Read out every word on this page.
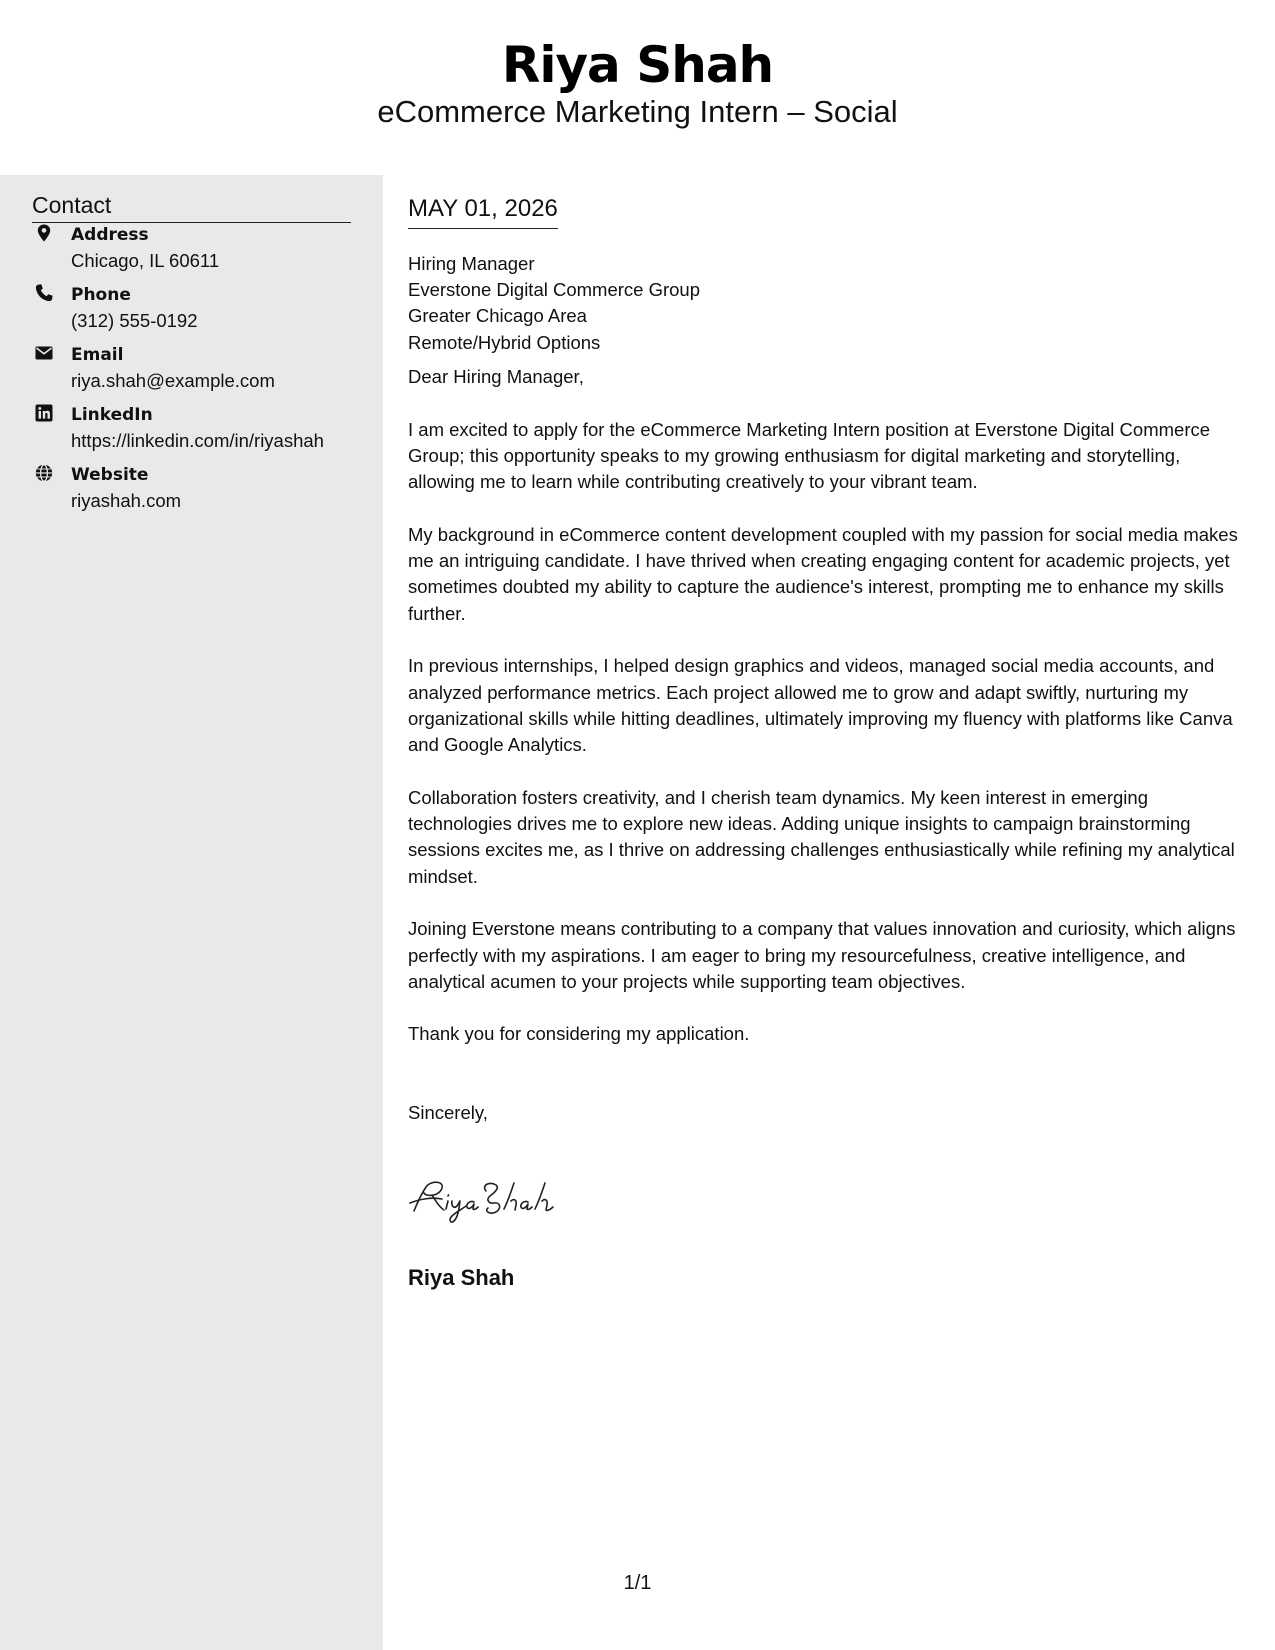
Riya Shah
eCommerce Marketing Intern – Social
Contact
Address
Chicago, IL 60611
Phone
(312) 555-0192
Email
riya.shah@example.com
LinkedIn
https://linkedin.com/in/riyashah
Website
riyashah.com
MAY 01, 2026
Hiring Manager
Everstone Digital Commerce Group
Greater Chicago Area
Remote/Hybrid Options

Dear Hiring Manager,

I am excited to apply for the eCommerce Marketing Intern position at Everstone Digital Commerce Group; this opportunity speaks to my growing enthusiasm for digital marketing and storytelling, allowing me to learn while contributing creatively to your vibrant team.

My background in eCommerce content development coupled with my passion for social media makes me an intriguing candidate. I have thrived when creating engaging content for academic projects, yet sometimes doubted my ability to capture the audience's interest, prompting me to enhance my skills further.

In previous internships, I helped design graphics and videos, managed social media accounts, and analyzed performance metrics. Each project allowed me to grow and adapt swiftly, nurturing my organizational skills while hitting deadlines, ultimately improving my fluency with platforms like Canva and Google Analytics.

Collaboration fosters creativity, and I cherish team dynamics. My keen interest in emerging technologies drives me to explore new ideas. Adding unique insights to campaign brainstorming sessions excites me, as I thrive on addressing challenges enthusiastically while refining my analytical mindset.

Joining Everstone means contributing to a company that values innovation and curiosity, which aligns perfectly with my aspirations. I am eager to bring my resourcefulness, creative intelligence, and analytical acumen to your projects while supporting team objectives.

Thank you for considering my application.

Sincerely,

Riya Shah
1/1
